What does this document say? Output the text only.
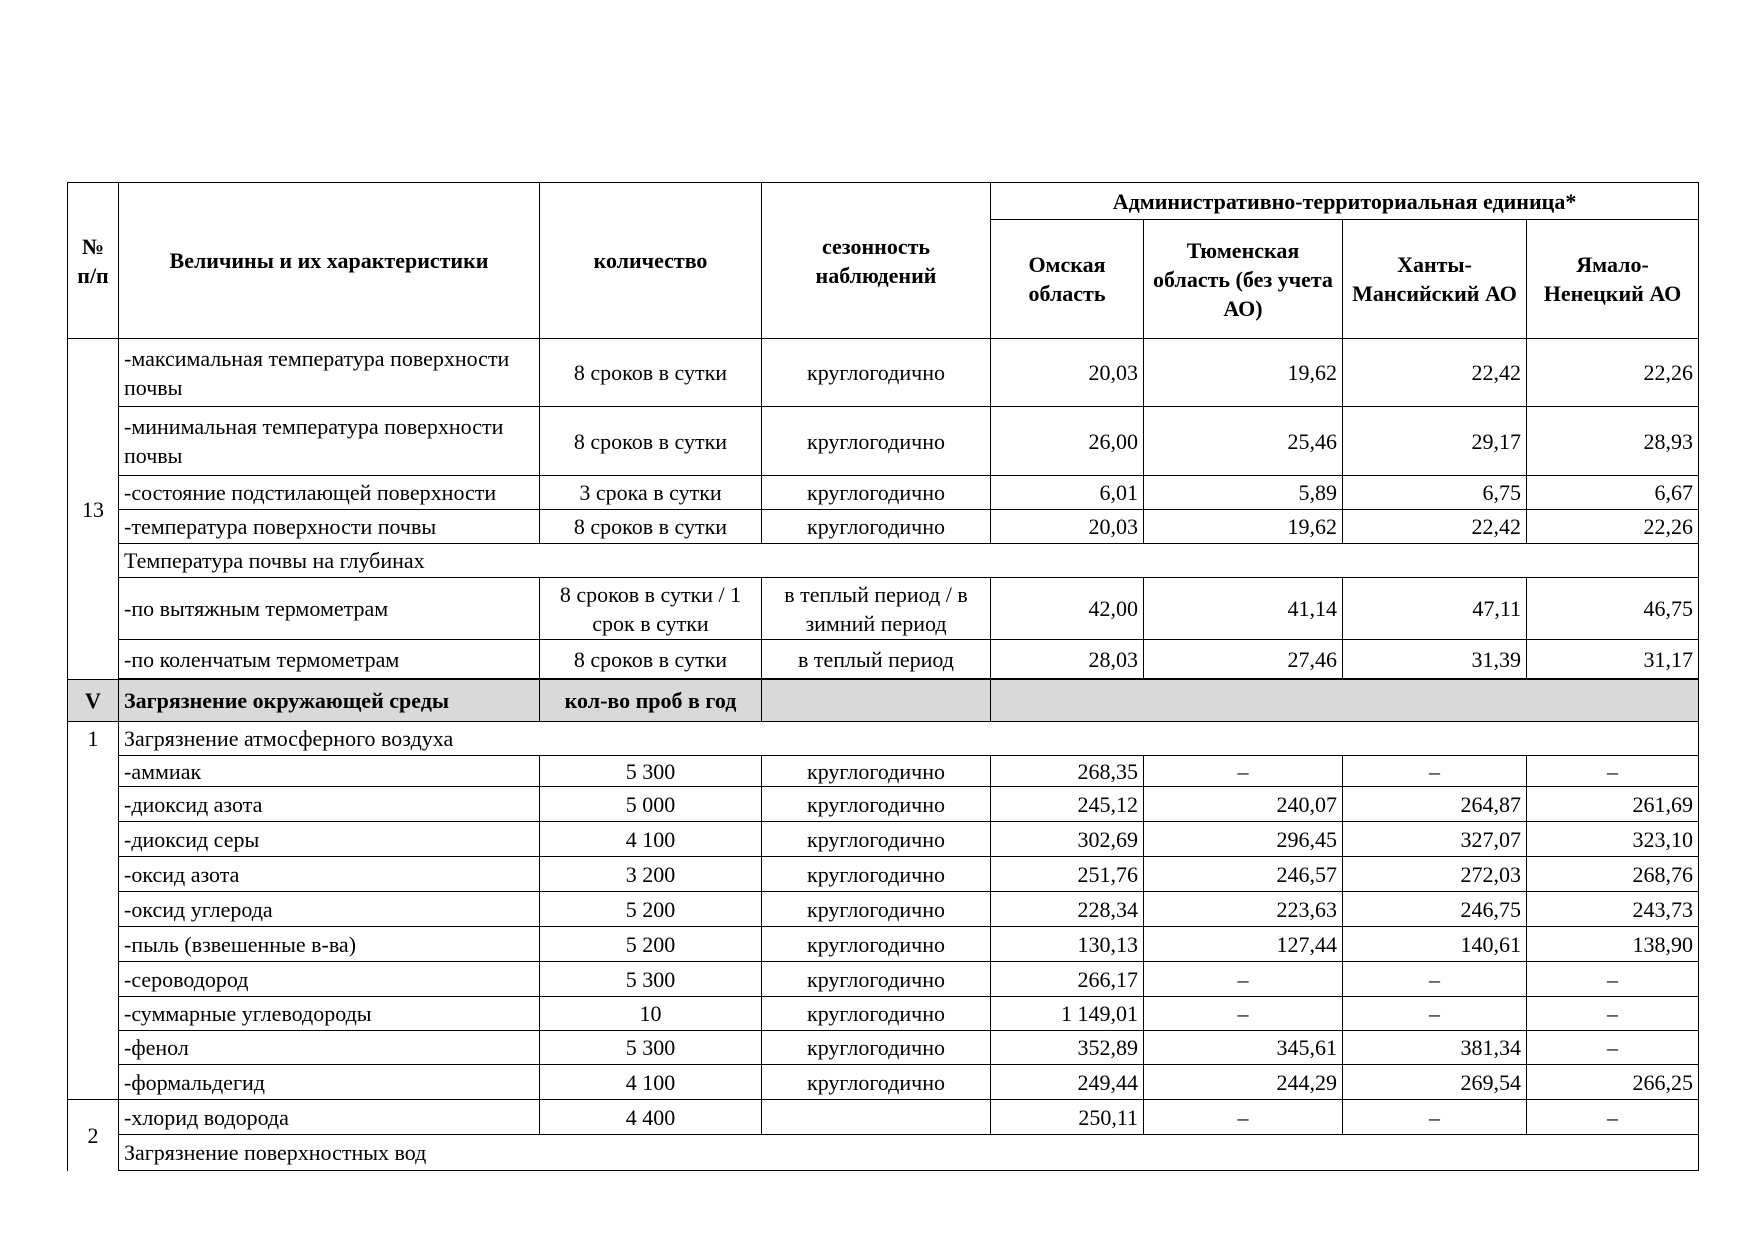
№
п/п	Величины и их характеристики	количество	сезонность наблюдений	Административно-территориальная единица*			
				Омская область	Тюменская область (без учета АО)	Ханты-Мансийский АО	Ямало-Ненецкий АО
13	-максимальная температура поверхности почвы	8 сроков в сутки	круглогодично	20,03	19,62	22,42	22,26
	-минимальная температура поверхности почвы	8 сроков в сутки	круглогодично	26,00	25,46	29,17	28,93
	-состояние подстилающей поверхности	3 срока в сутки	круглогодично	6,01	5,89	6,75	6,67
	-температура поверхности почвы	8 сроков в сутки	круглогодично	20,03	19,62	22,42	22,26
	Температура почвы на глубинах						
	-по вытяжным термометрам	8 сроков в сутки / 1 срок в сутки	в теплый период / в зимний период	42,00	41,14	47,11	46,75
	-по коленчатым термометрам	8 сроков в сутки	в теплый период	28,03	27,46	31,39	31,17

V	Загрязнение окружающей среды	кол-во проб в год					
1	Загрязнение атмосферного воздуха						
	-аммиак	5 300	круглогодично	268,35	–	–	–
	-диоксид азота	5 000	круглогодично	245,12	240,07	264,87	261,69
	-диоксид серы	4 100	круглогодично	302,69	296,45	327,07	323,10
	-оксид азота	3 200	круглогодично	251,76	246,57	272,03	268,76
	-оксид углерода	5 200	круглогодично	228,34	223,63	246,75	243,73
	-пыль (взвешенные в-ва)	5 200	круглогодично	130,13	127,44	140,61	138,90
	-сероводород	5 300	круглогодично	266,17	–	–	–
	-суммарные углеводороды	10	круглогодично	1 149,01	–	–	–
	-фенол	5 300	круглогодично	352,89	345,61	381,34	–
	-формальдегид	4 100	круглогодично	249,44	244,29	269,54	266,25
2	-хлорид водорода	4 400		250,11	–	–	–
	Загрязнение поверхностных вод						
